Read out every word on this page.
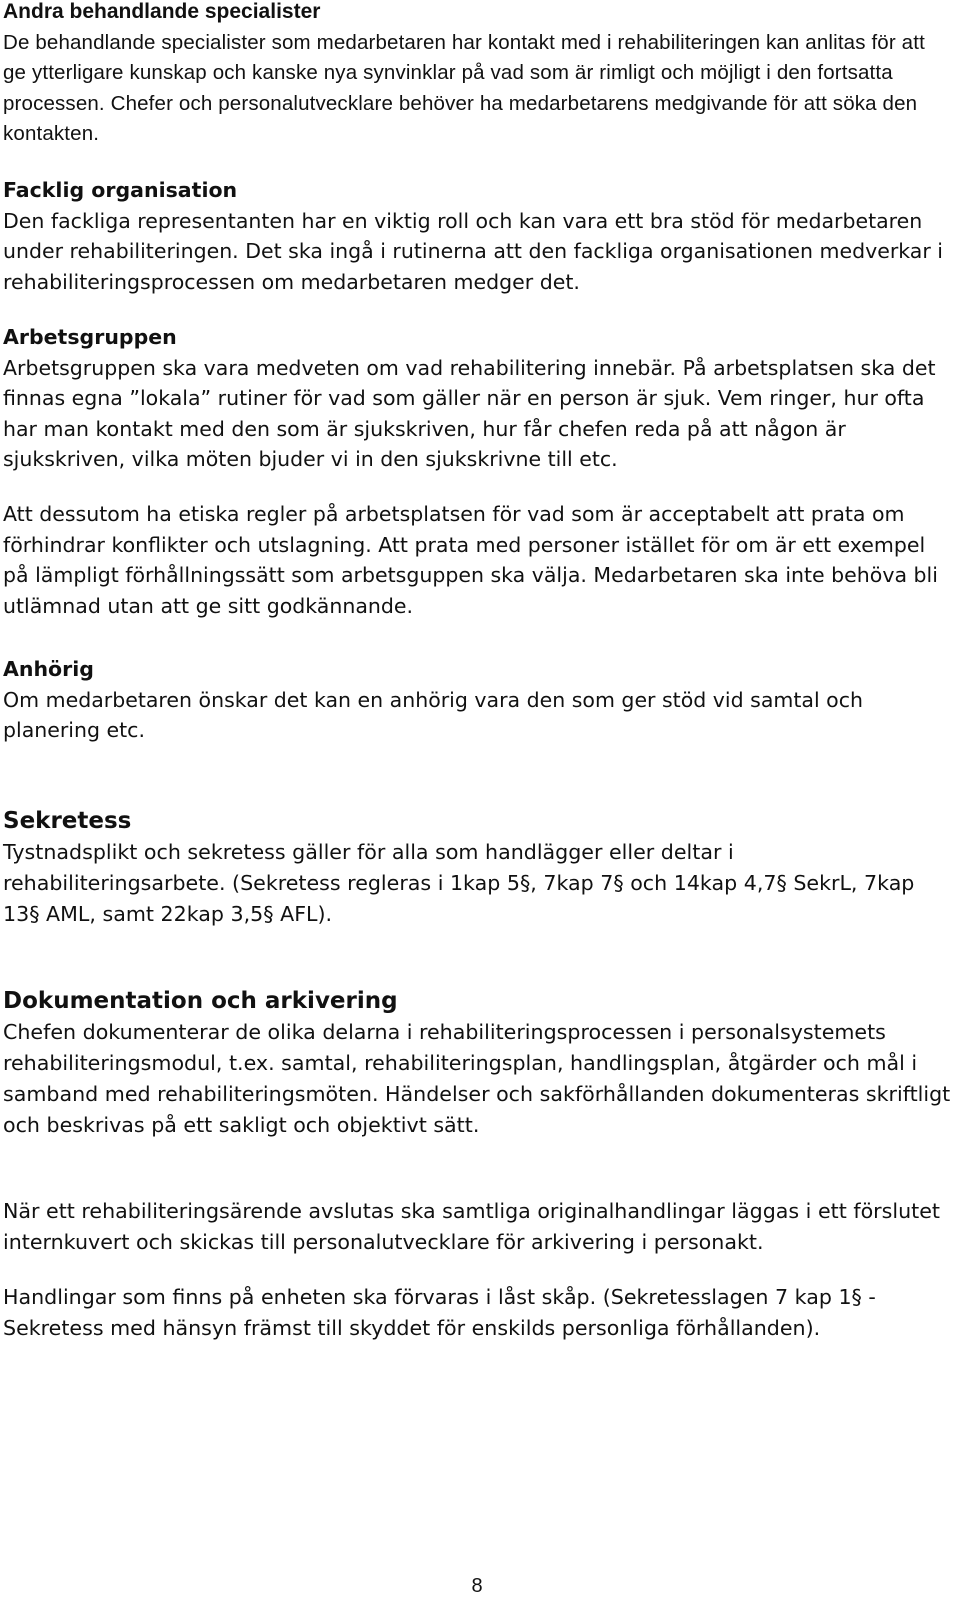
Andra behandlande specialister

De behandlande specialister som medarbetaren har kontakt med i rehabiliteringen kan anlitas för att ge ytterligare kunskap och kanske nya synvinklar på vad som är rimligt och möjligt i den fortsatta processen. Chefer och personalutvecklare behöver ha medarbetarens medgivande för att söka den kontakten.

Facklig organisation

Den fackliga representanten har en viktig roll och kan vara ett bra stöd för medarbetaren under rehabiliteringen. Det ska ingå i rutinerna att den fackliga organisationen medverkar i rehabiliteringsprocessen om medarbetaren medger det.

Arbetsgruppen

Arbetsgruppen ska vara medveten om vad rehabilitering innebär. På arbetsplatsen ska det finnas egna ”lokala” rutiner för vad som gäller när en person är sjuk. Vem ringer, hur ofta har man kontakt med den som är sjukskriven, hur får chefen reda på att någon är sjukskriven, vilka möten bjuder vi in den sjukskrivne till etc.

Att dessutom ha etiska regler på arbetsplatsen för vad som är acceptabelt att prata om förhindrar konflikter och utslagning. Att prata med personer istället för om är ett exempel på lämpligt förhållningssätt som arbetsguppen ska välja. Medarbetaren ska inte behöva bli utlämnad utan att ge sitt godkännande.

Anhörig

Om medarbetaren önskar det kan en anhörig vara den som ger stöd vid samtal och planering etc.

Sekretess

Tystnadsplikt och sekretess gäller för alla som handlägger eller deltar i rehabiliteringsarbete. (Sekretess regleras i 1kap 5§, 7kap 7§ och 14kap 4,7§ SekrL, 7kap 13§ AML, samt 22kap 3,5§ AFL).

Dokumentation och arkivering

Chefen dokumenterar de olika delarna i rehabiliteringsprocessen i personalsystemets rehabiliteringsmodul, t.ex. samtal, rehabiliteringsplan, handlingsplan, åtgärder och mål i samband med rehabiliteringsmöten. Händelser och sakförhållanden dokumenteras skriftligt och beskrivas på ett sakligt och objektivt sätt.

När ett rehabiliteringsärende avslutas ska samtliga originalhandlingar läggas i ett förslutet internkuvert och skickas till personalutvecklare för arkivering i personakt.

Handlingar som finns på enheten ska förvaras i låst skåp. (Sekretesslagen 7 kap 1§ - Sekretess med hänsyn främst till skyddet för enskilds personliga förhållanden).

8
